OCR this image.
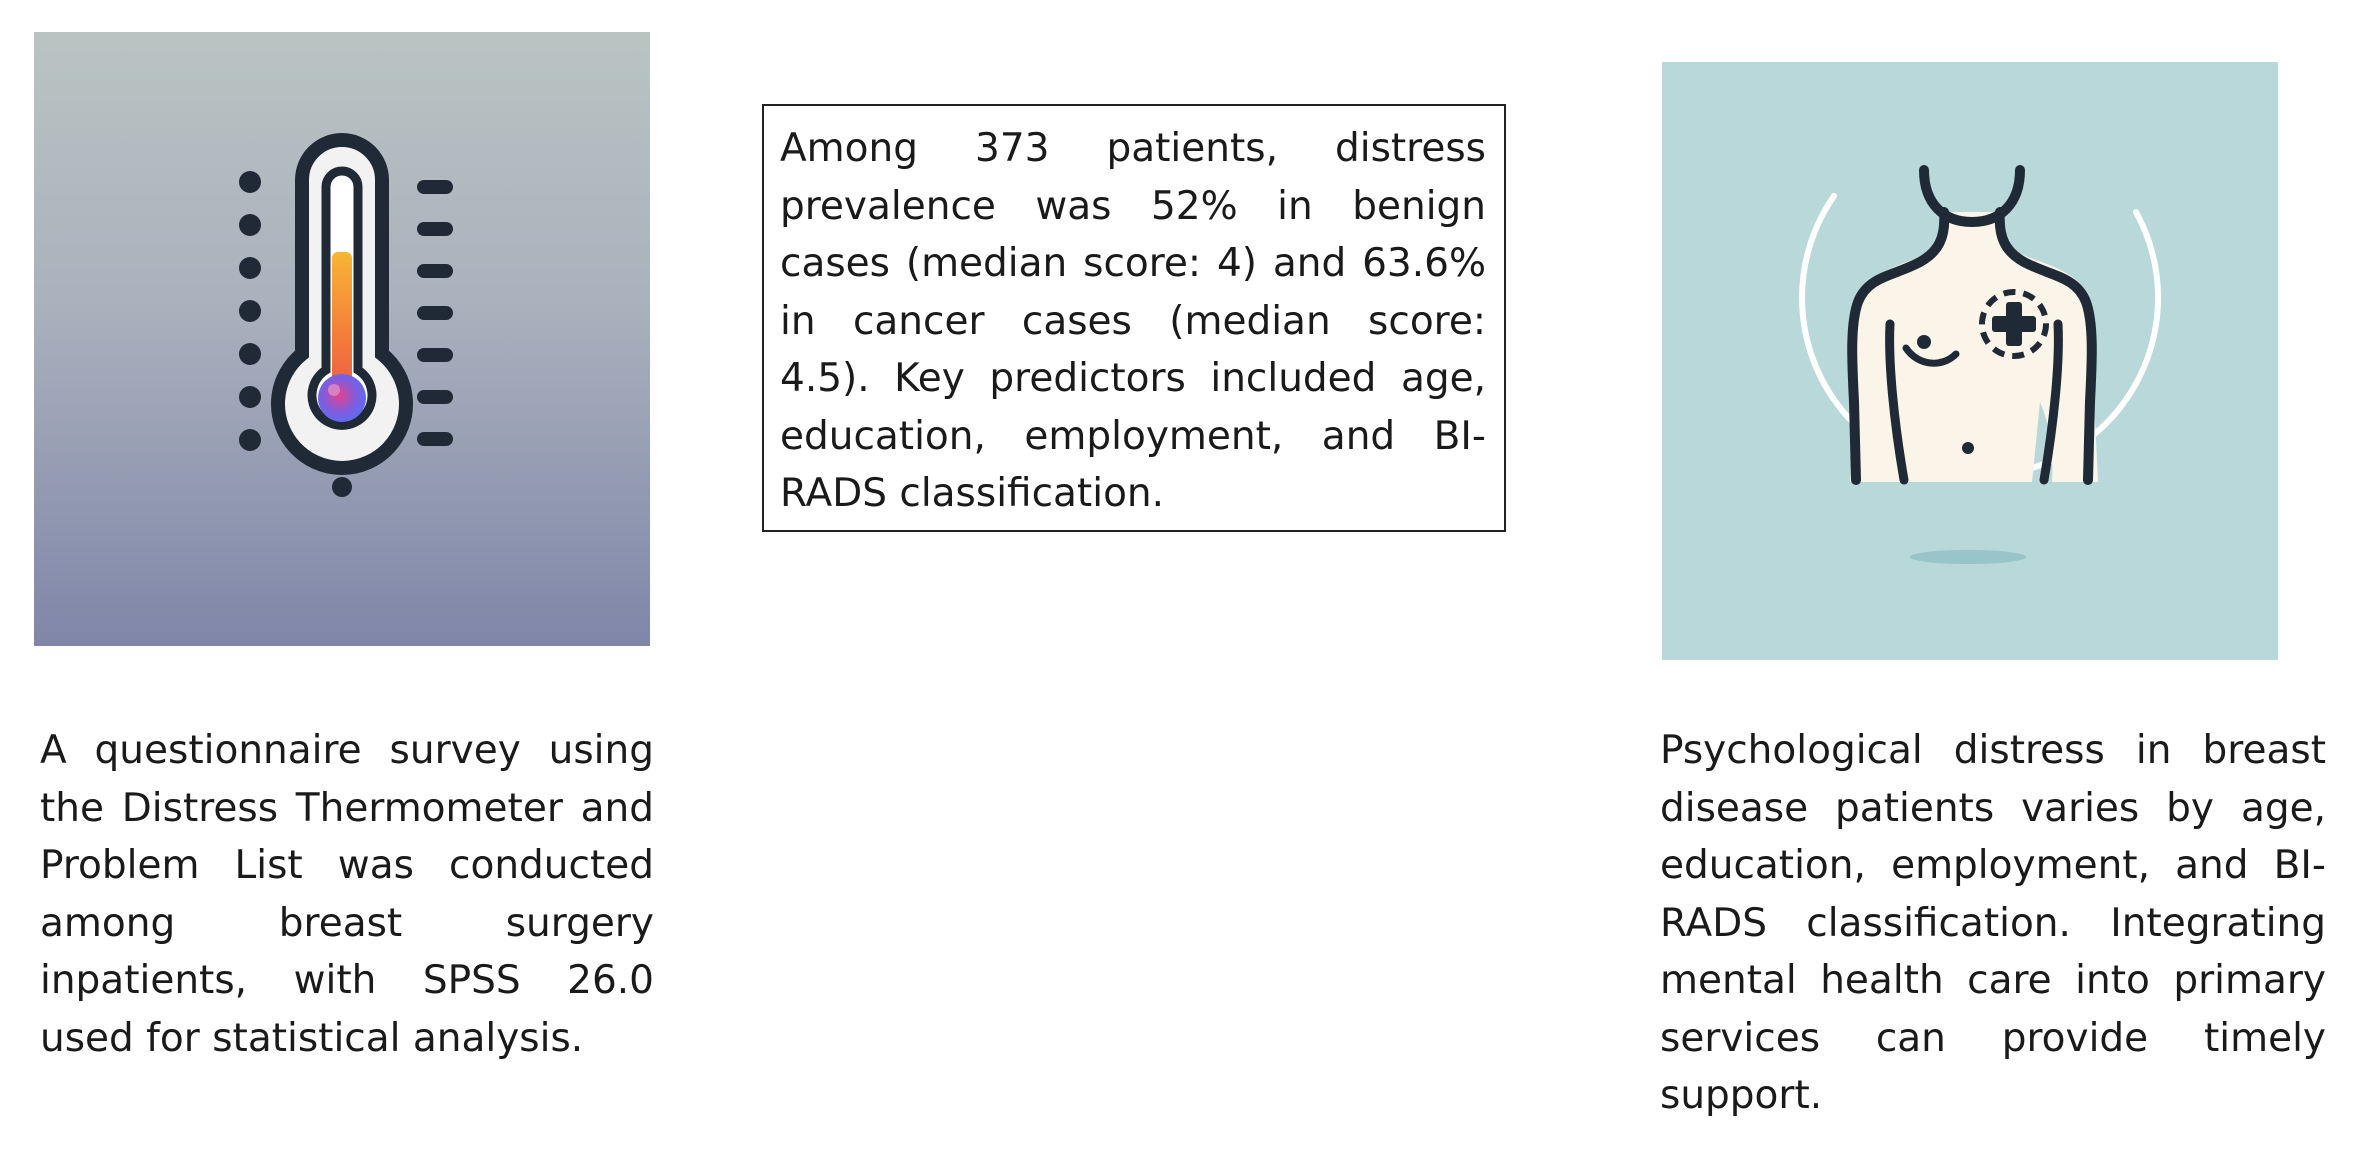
Among 373 patients, distress prevalence was 52% in benign cases (median score: 4) and 63.6% in cancer cases (median score: 4.5). Key predictors included age, education, employment, and BI-RADS classification.

A questionnaire survey using the Distress Thermometer and Problem List was conducted among breast surgery inpatients, with SPSS 26.0 used for statistical analysis.

Psychological distress in breast disease patients varies by age, education, employment, and BI-RADS classification. Integrating mental health care into primary services can provide timely support.
